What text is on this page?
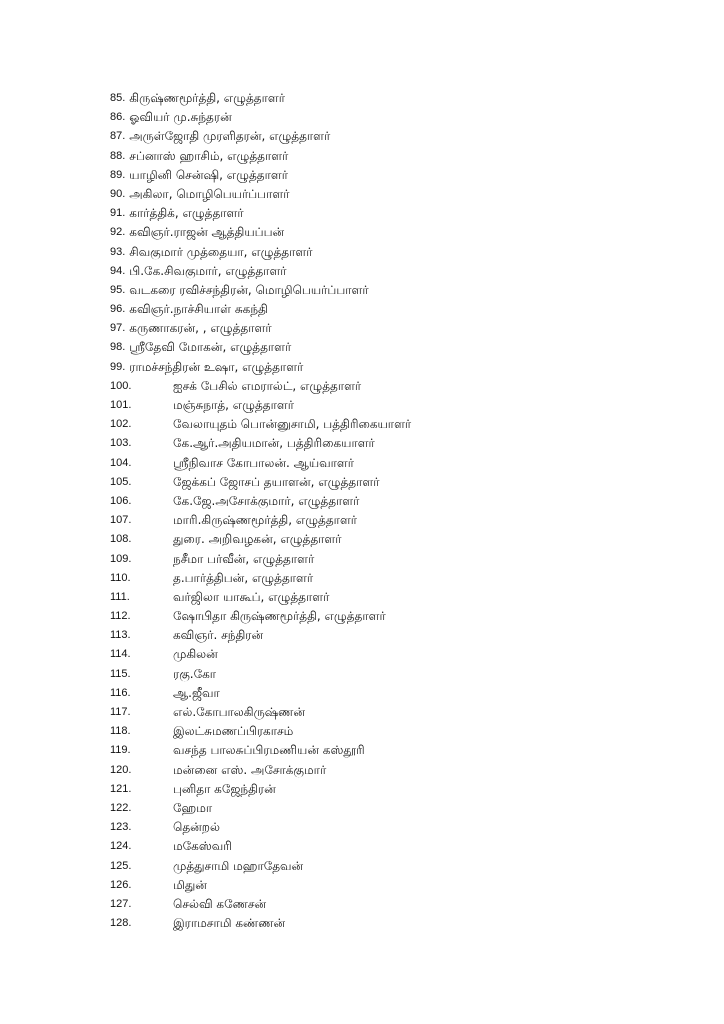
85. கிருஷ்ணமூர்த்தி, எழுத்தாளர்
86. ஓவியர் மு.சுந்தரன்
87. அருள்ஜோதி முரளிதரன், எழுத்தாளர்
88. சப்னாஸ் ஹாசிம், எழுத்தாளர்
89. யாழினி சென்ஷி, எழுத்தாளர்
90. அகிலா, மொழிபெயர்ப்பாளர்
91. கார்த்திக், எழுத்தாளர்
92. கவிஞர்.ராஜன் ஆத்தியப்பன்
93. சிவகுமார் முத்தையா, எழுத்தாளர்
94. பி.கே.சிவகுமார், எழுத்தாளர்
95. வடகரை ரவிச்சந்திரன், மொழிபெயர்ப்பாளர்
96. கவிஞர்.நாச்சியாள் சுகந்தி
97. கருணாகரன், , எழுத்தாளர்
98. ஸ்ரீதேவி மோகன், எழுத்தாளர்
99. ராமச்சந்திரன் உஷா, எழுத்தாளர்
100.	ஐசக் பேசில் எமரால்ட், எழுத்தாளர்
101.	மஞ்சுநாத், எழுத்தாளர்
102.	வேலாயுதம் பொன்னுசாமி, பத்திரிகையாளர்
103.	கே.ஆர்.அதியமான், பத்திரிகையாளர்
104.	ஸ்ரீநிவாச கோபாலன். ஆய்வாளர்
105.	ஜேக்கப் ஜோசப் தயாளன், எழுத்தாளர்
106.	கே.ஜே.அசோக்குமார், எழுத்தாளர்
107.	மாரி.கிருஷ்ணமூர்த்தி, எழுத்தாளர்
108.	துரை. அறிவழகன், எழுத்தாளர்
109.	நசீமா பர்வீன், எழுத்தாளர்
110.	த.பார்த்திபன், எழுத்தாளர்
111.	வர்ஜிலா யாகூப், எழுத்தாளர்
112.	ஷோபிதா கிருஷ்ணமூர்த்தி, எழுத்தாளர்
113.	கவிஞர். சந்திரன்
114.	முகிலன்
115.	ரகு.கோ
116.	ஆ.ஜீவா
117.	எல்.கோபாலகிருஷ்ணன்
118.	இலட்சுமணப்பிரகாசம்
119.	வசந்த பாலசுப்பிரமணியன் கஸ்தூரி
120.	மன்னை எஸ். அசோக்குமார்
121.	புனிதா கஜேந்திரன்
122.	ஹேமா
123.	தென்றல்
124.	மகேஸ்வரி
125.	முத்துசாமி மஹாதேவன்
126.	மிதுன்
127.	செல்வி கணேசன்
128.	இராமசாமி கண்ணன்
